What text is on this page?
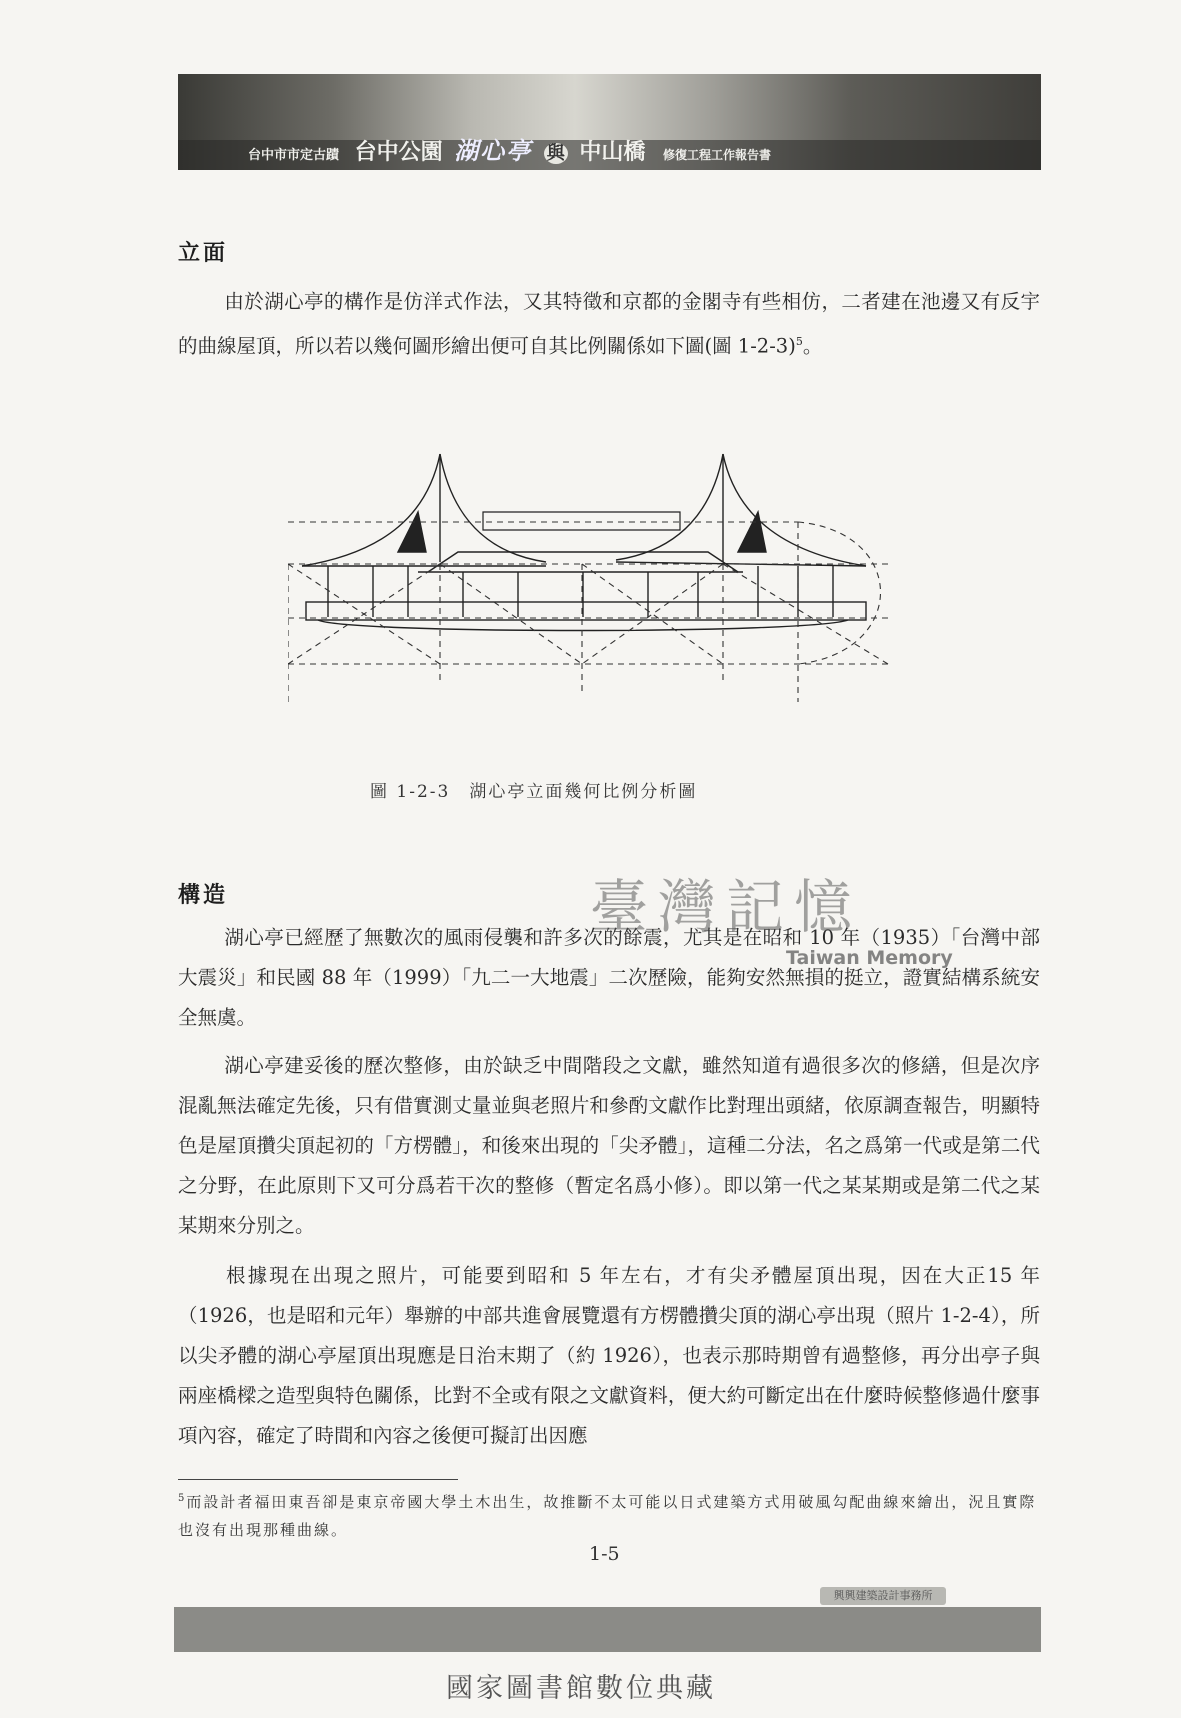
台中市市定古蹟 台中公園 湖心亭 與 中山橋 修復工程工作報告書
立面
由於湖心亭的構作是仿洋式作法，又其特徵和京都的金閣寺有些相仿，二者建在池邊又有反宇的曲線屋頂，所以若以幾何圖形繪出便可自其比例關係如下圖(圖 1-2-3)$^5$。
圖 1-2-3　湖心亭立面幾何比例分析圖
構造
湖心亭已經歷了無數次的風雨侵襲和許多次的餘震，尤其是在昭和 10 年（1935）「台灣中部大震災」和民國 88 年（1999）「九二一大地震」二次歷險，能夠安然無損的挺立，證實結構系統安全無虞。
湖心亭建妥後的歷次整修，由於缺乏中間階段之文獻，雖然知道有過很多次的修繕，但是次序混亂無法確定先後，只有借實測丈量並與老照片和參酌文獻作比對理出頭緒，依原調查報告，明顯特色是屋頂攢尖頂起初的「方楞體」，和後來出現的「尖矛體」，這種二分法，名之爲第一代或是第二代之分野，在此原則下又可分爲若干次的整修（暫定名爲小修）。即以第一代之某某期或是第二代之某某期來分別之。
根據現在出現之照片，可能要到昭和 5 年左右，才有尖矛體屋頂出現，因在大正15 年（1926，也是昭和元年）舉辦的中部共進會展覽還有方楞體攢尖頂的湖心亭出現（照片 1-2-4），所以尖矛體的湖心亭屋頂出現應是日治末期了（約 1926），也表示那時期曾有過整修，再分出亭子與兩座橋樑之造型與特色關係，比對不全或有限之文獻資料，便大約可斷定出在什麼時候整修過什麼事項內容，確定了時間和內容之後便可擬訂出因應
臺灣記憶
Taiwan Memory
$^5$而設計者福田東吾卻是東京帝國大學土木出生，故推斷不太可能以日式建築方式用破風勾配曲線來繪出，況且實際也沒有出現那種曲線。
1-5
興興建築設計事務所
國家圖書館數位典藏
